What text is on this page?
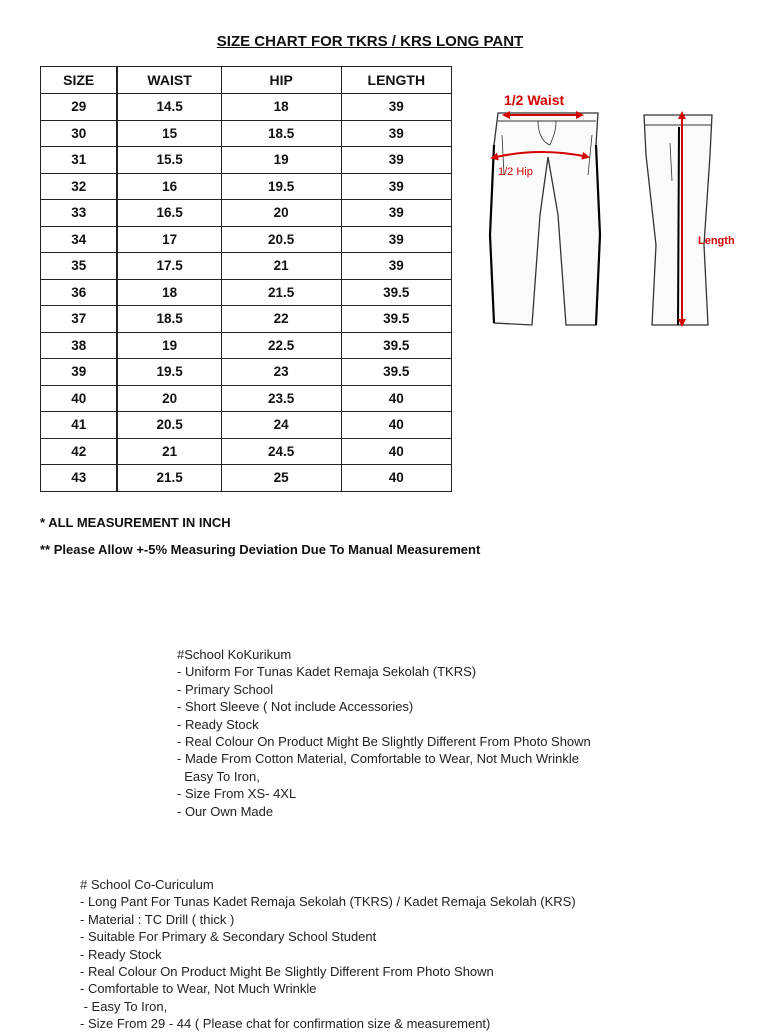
SIZE CHART FOR TKRS / KRS LONG PANT
SIZE	WAIST	HIP	LENGTH
29	14.5	18	39
30	15	18.5	39
31	15.5	19	39
32	16	19.5	39
33	16.5	20	39
34	17	20.5	39
35	17.5	21	39
36	18	21.5	39.5
37	18.5	22	39.5
38	19	22.5	39.5
39	19.5	23	39.5
40	20	23.5	40
41	20.5	24	40
42	21	24.5	40
43	21.5	25	40
* ALL MEASUREMENT IN INCH
** Please Allow +-5% Measuring Deviation Due To Manual Measurement
1/2 Waist
1/2 Hip
Length
#School KoKurikum
- Uniform For Tunas Kadet Remaja Sekolah (TKRS)
- Primary School
- Short Sleeve ( Not include Accessories)
- Ready Stock
- Real Colour On Product Might Be Slightly Different From Photo Shown
- Made From Cotton Material, Comfortable to Wear, Not Much Wrinkle
Easy To Iron,
- Size From XS- 4XL
- Our Own Made
# School Co-Curiculum
- Long Pant For Tunas Kadet Remaja Sekolah (TKRS) / Kadet Remaja Sekolah (KRS)
- Material : TC Drill ( thick )
- Suitable For Primary & Secondary School Student
- Ready Stock
- Real Colour On Product Might Be Slightly Different From Photo Shown
- Comfortable to Wear, Not Much Wrinkle
- Easy To Iron,
- Size From 29 - 44 ( Please chat for confirmation size & measurement)
